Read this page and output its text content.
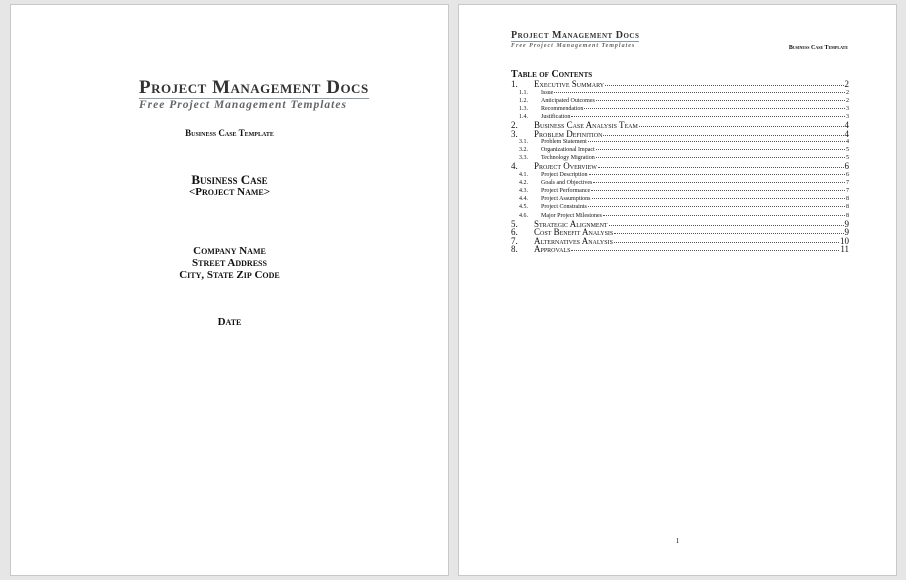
Project Management Docs
Free Project Management Templates
Business Case Template
Business Case
<Project Name>
Company Name
Street Address
City, State Zip Code
Date
Project Management Docs
Free Project Management Templates	Business Case Template
Table of Contents
1.	Executive Summary	2
1.1.	Issue	2
1.2.	Anticipated Outcomes	2
1.3.	Recommendation	3
1.4.	Justification	3
2.	Business Case Analysis Team	4
3.	Problem Definition	4
3.1.	Problem Statement	4
3.2.	Organizational Impact	5
3.3.	Technology Migration	5
4.	Project Overview	6
4.1.	Project Description	6
4.2.	Goals and Objectives	7
4.3.	Project Performance	7
4.4.	Project Assumptions	8
4.5.	Project Constraints	8
4.6.	Major Project Milestones	8
5.	Strategic Alignment	9
6.	Cost Benefit Analysis	9
7.	Alternatives Analysis	10
8.	Approvals	11
1
